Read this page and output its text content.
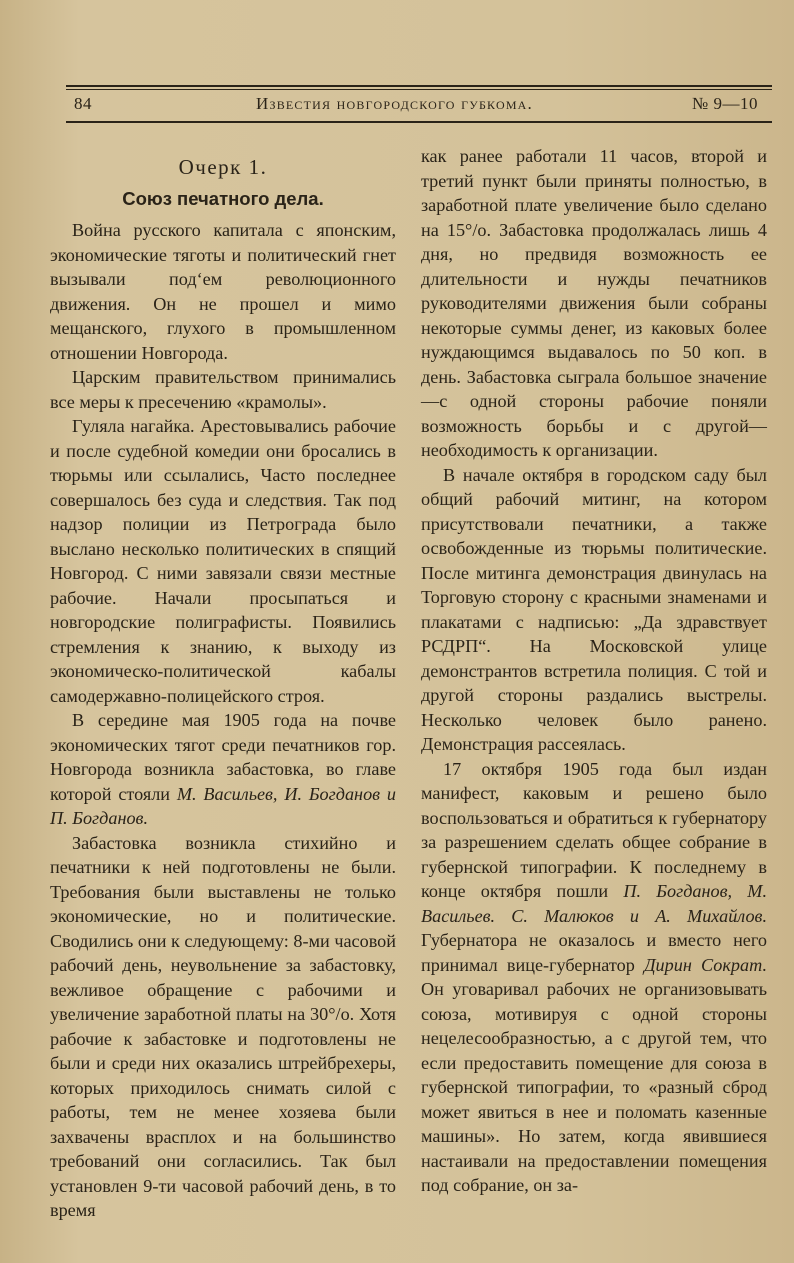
84	Известия новгородского губкома.	№ 9—10
Очерк 1.
Союз печатного дела.

Война русского капитала с японским, экономические тяготы и политический гнет вызывали под‘ем революционного движения. Он не прошел и мимо мещанского, глухого в промышленном отношении Новгорода.

Царским правительством принимались все меры к пресечению «крамолы».

Гуляла нагайка. Арестовывались рабочие и после судебной комедии они бросались в тюрьмы или ссылались, Часто последнее совершалось без суда и следствия. Так под надзор полиции из Петрограда было выслано несколько политических в спящий Новгород. С ними завязали связи местные рабочие. Начали просыпаться и новгородские полиграфисты. Появились стремления к знанию, к выходу из экономическо-политической кабалы самодержавно-полицейского строя.

В середине мая 1905 года на почве экономических тягот среди печатников гор. Новгорода возникла забастовка, во главе которой стояли М. Васильев, И. Богданов и П. Богданов.

Забастовка возникла стихийно и печатники к ней подготовлены не были. Требования были выставлены не только экономические, но и политические. Сводились они к следующему: 8-ми часовой рабочий день, неувольнение за забастовку, вежливое обращение с рабочими и увеличение заработной платы на 30°/о. Хотя рабочие к забастовке и подготовлены не были и среди них оказались штрейбрехеры, которых приходилось снимать силой с работы, тем не менее хозяева были захвачены врасплох и на большинство требований они согласились. Так был установлен 9-ти часовой рабочий день, в то время

как ранее работали 11 часов, второй и третий пункт были приняты полностью, в заработной плате увеличение было сделано на 15°/о. Забастовка продолжалась лишь 4 дня, но предвидя возможность ее длительности и нужды печатников руководителями движения были собраны некоторые суммы денег, из каковых более нуждающимся выдавалось по 50 коп. в день. Забастовка сыграла большое значение—с одной стороны рабочие поняли возможность борьбы и с другой—необходимость к организации.

В начале октября в городском саду был общий рабочий митинг, на котором присутствовали печатники, а также освобожденные из тюрьмы политические. После митинга демонстрация двинулась на Торговую сторону с красными знаменами и плакатами с надписью: „Да здравствует РСДРП“. На Московской улице демонстрантов встретила полиция. С той и другой стороны раздались выстрелы. Несколько человек было ранено. Демонстрация рассеялась.

17 октября 1905 года был издан манифест, каковым и решено было воспользоваться и обратиться к губернатору за разрешением сделать общее собрание в губернской типографии. К последнему в конце октября пошли П. Богданов, М. Васильев. С. Малюков и А. Михайлов. Губернатора не оказалось и вместо него принимал вице-губернатор Дирин Сократ. Он уговаривал рабочих не организовывать союза, мотивируя с одной стороны нецелесообразностью, а с другой тем, что если предоставить помещение для союза в губернской типографии, то «разный сброд может явиться в нее и поломать казенные машины». Но затем, когда явившиеся настаивали на предоставлении помещения под собрание, он за-
